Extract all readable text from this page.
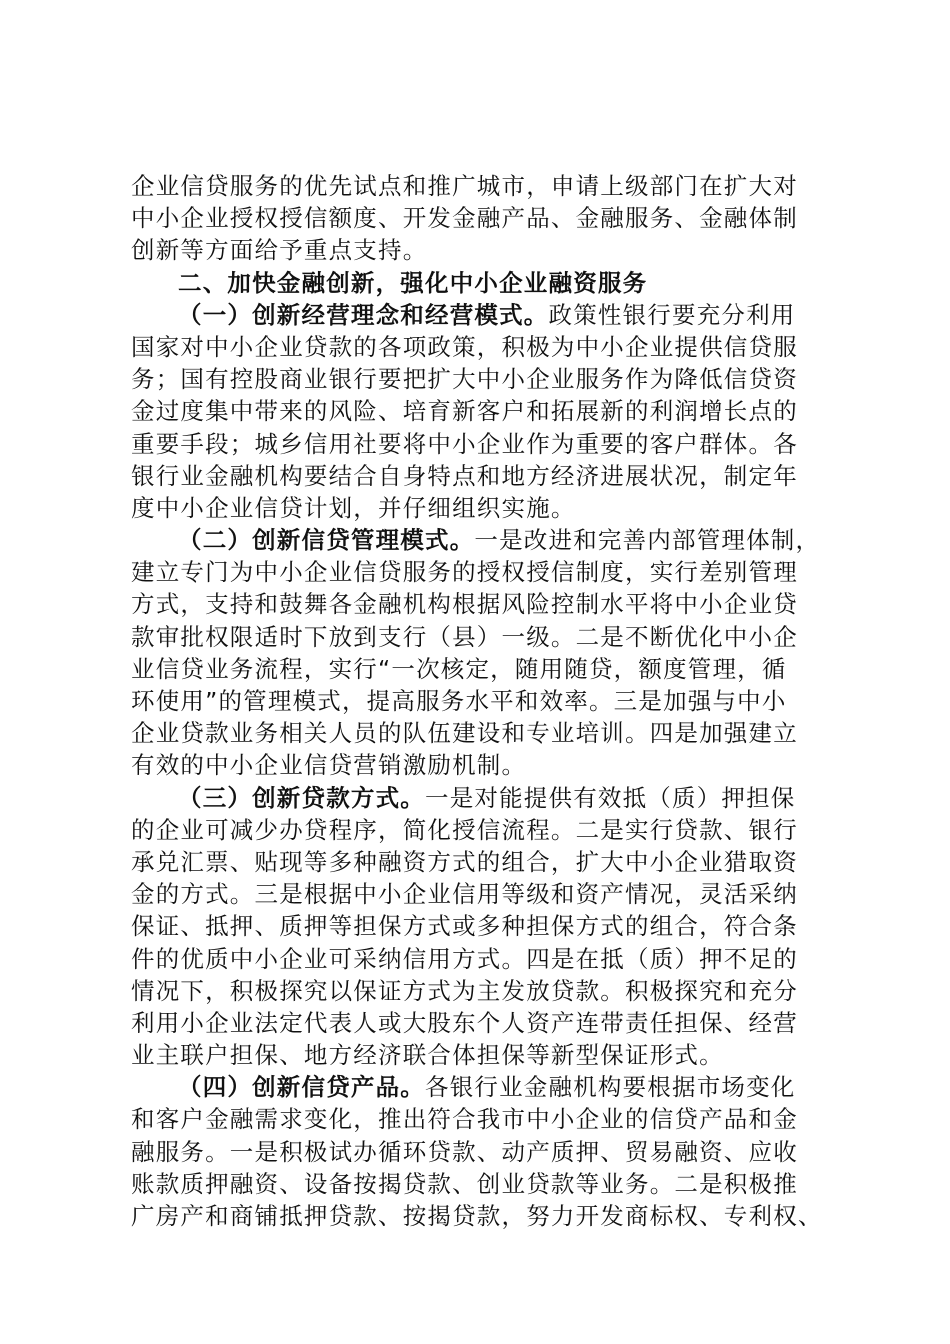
企业信贷服务的优先试点和推广城市，申请上级部门在扩大对
中小企业授权授信额度、开发金融产品、金融服务、金融体制
创新等方面给予重点支持。
二、加快金融创新，强化中小企业融资服务
（一）创新经营理念和经营模式。政策性银行要充分利用
国家对中小企业贷款的各项政策，积极为中小企业提供信贷服
务；国有控股商业银行要把扩大中小企业服务作为降低信贷资
金过度集中带来的风险、培育新客户和拓展新的利润增长点的
重要手段；城乡信用社要将中小企业作为重要的客户群体。各
银行业金融机构要结合自身特点和地方经济进展状况，制定年
度中小企业信贷计划，并仔细组织实施。
（二）创新信贷管理模式。一是改进和完善内部管理体制，
建立专门为中小企业信贷服务的授权授信制度，实行差别管理
方式，支持和鼓舞各金融机构根据风险控制水平将中小企业贷
款审批权限适时下放到支行（县）一级。二是不断优化中小企
业信贷业务流程，实行“一次核定，随用随贷，额度管理，循
环使用”的管理模式，提高服务水平和效率。三是加强与中小
企业贷款业务相关人员的队伍建设和专业培训。四是加强建立
有效的中小企业信贷营销激励机制。
（三）创新贷款方式。一是对能提供有效抵（质）押担保
的企业可减少办贷程序，简化授信流程。二是实行贷款、银行
承兑汇票、贴现等多种融资方式的组合，扩大中小企业猎取资
金的方式。三是根据中小企业信用等级和资产情况，灵活采纳
保证、抵押、质押等担保方式或多种担保方式的组合，符合条
件的优质中小企业可采纳信用方式。四是在抵（质）押不足的
情况下，积极探究以保证方式为主发放贷款。积极探究和充分
利用小企业法定代表人或大股东个人资产连带责任担保、经营
业主联户担保、地方经济联合体担保等新型保证形式。
（四）创新信贷产品。各银行业金融机构要根据市场变化
和客户金融需求变化，推出符合我市中小企业的信贷产品和金
融服务。一是积极试办循环贷款、动产质押、贸易融资、应收
账款质押融资、设备按揭贷款、创业贷款等业务。二是积极推
广房产和商铺抵押贷款、按揭贷款，努力开发商标权、专利权、
